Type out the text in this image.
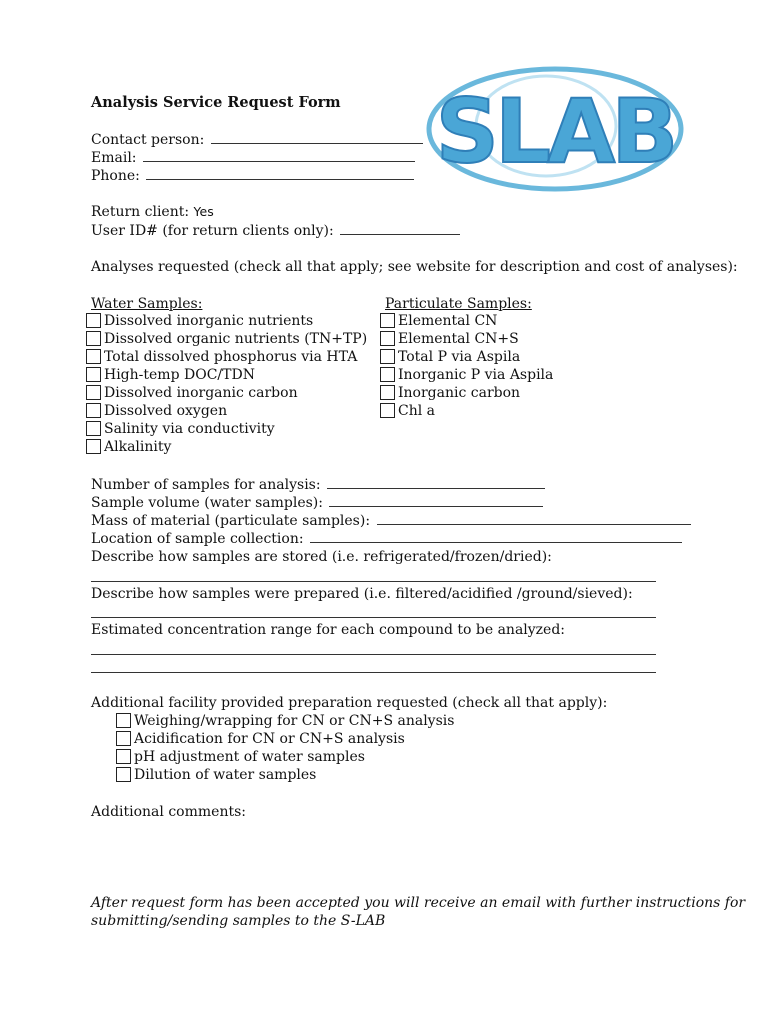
SLAB
Analysis Service Request Form
Contact person:
Email:
Phone:
Return client: Yes
User ID# (for return clients only):
Analyses requested (check all that apply; see website for description and cost of analyses):
Water Samples:
Dissolved inorganic nutrients
Dissolved organic nutrients (TN+TP)
Total dissolved phosphorus via HTA
High-temp DOC/TDN
Dissolved inorganic carbon
Dissolved oxygen
Salinity via conductivity
Alkalinity
Particulate Samples:
Elemental CN
Elemental CN+S
Total P via Aspila
Inorganic P via Aspila
Inorganic carbon
Chl a
Number of samples for analysis:
Sample volume (water samples):
Mass of material (particulate samples):
Location of sample collection:
Describe how samples are stored (i.e. refrigerated/frozen/dried):
Describe how samples were prepared (i.e. filtered/acidified /ground/sieved):
Estimated concentration range for each compound to be analyzed:
Additional facility provided preparation requested (check all that apply):
Weighing/wrapping for CN or CN+S analysis
Acidification for CN or CN+S analysis
pH adjustment of water samples
Dilution of water samples
Additional comments:
After request form has been accepted you will receive an email with further instructions for
submitting/sending samples to the S-LAB
